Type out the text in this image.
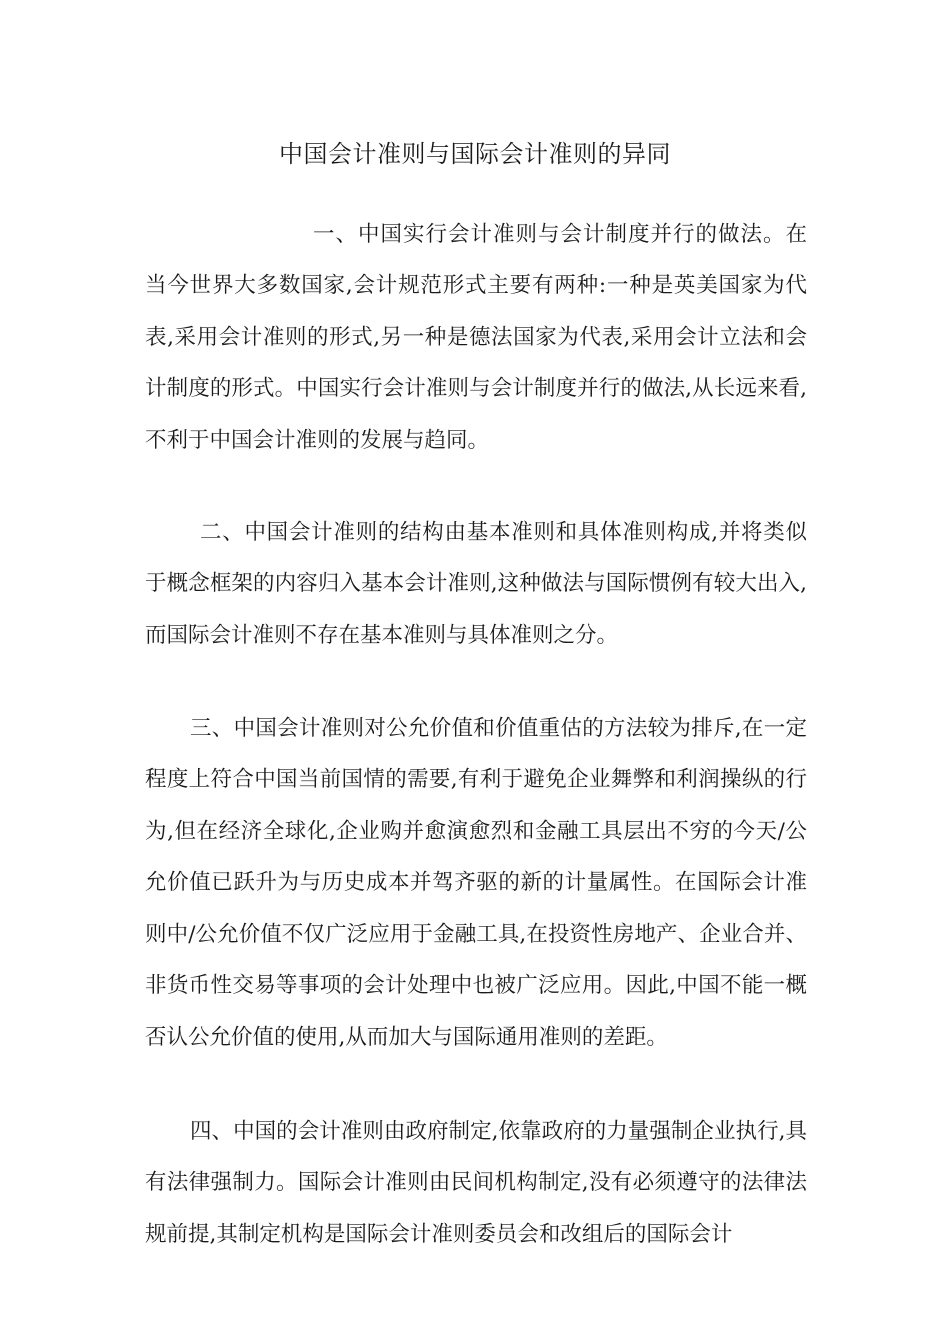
中国会计准则与国际会计准则的异同

一、中国实行会计准则与会计制度并行的做法。在当今世界大多数国家,会计规范形式主要有两种:一种是英美国家为代表,采用会计准则的形式,另一种是德法国家为代表,采用会计立法和会计制度的形式。中国实行会计准则与会计制度并行的做法,从长远来看,不利于中国会计准则的发展与趋同。

二、中国会计准则的结构由基本准则和具体准则构成,并将类似于概念框架的内容归入基本会计准则,这种做法与国际惯例有较大出入,而国际会计准则不存在基本准则与具体准则之分。

三、中国会计准则对公允价值和价值重估的方法较为排斥,在一定程度上符合中国当前国情的需要,有利于避免企业舞弊和利润操纵的行为,但在经济全球化,企业购并愈演愈烈和金融工具层出不穷的今天/公允价值已跃升为与历史成本并驾齐驱的新的计量属性。在国际会计准则中/公允价值不仅广泛应用于金融工具,在投资性房地产、企业合并、非货币性交易等事项的会计处理中也被广泛应用。因此,中国不能一概否认公允价值的使用,从而加大与国际通用准则的差距。

四、中国的会计准则由政府制定,依靠政府的力量强制企业执行,具有法律强制力。国际会计准则由民间机构制定,没有必须遵守的法律法规前提,其制定机构是国际会计准则委员会和改组后的国际会计
